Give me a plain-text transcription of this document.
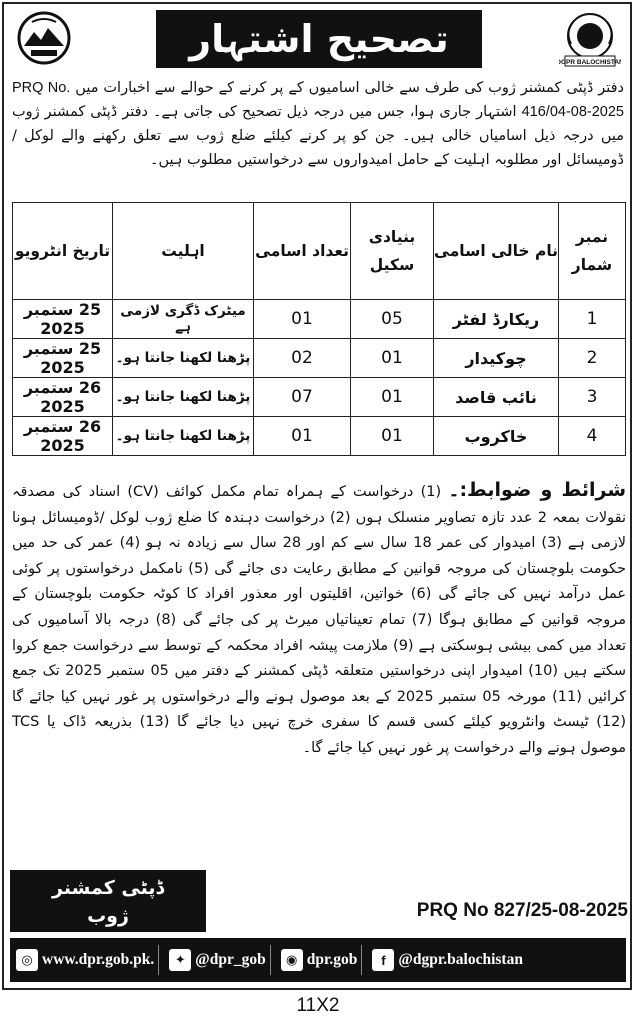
تصحیح اشتہار
DGPR BALOCHISTAN
دفتر ڈپٹی کمشنر ژوب کی طرف سے خالی اسامیوں کے پر کرنے کے حوالے سے اخبارات میں PRQ No. 416/04-08-2025 اشتہار جاری ہوا، جس میں درجہ ذیل تصحیح کی جاتی ہے۔ دفتر ڈپٹی کمشنر ژوب میں درجہ ذیل اسامیاں خالی ہیں۔ جن کو پر کرنے کیلئے ضلع ژوب سے تعلق رکھنے والے لوکل /ڈومیسائل اور مطلوبہ اہلیت کے حامل امیدواروں سے درخواستیں مطلوب ہیں۔
نمبر شمار	نام خالی اسامی	بنیادی سکیل	تعداد اسامی	اہلیت	تاریخ انٹرویو
1	ریکارڈ لفٹر	05	01	میٹرک ڈگری لازمی ہے	25 ستمبر 2025
2	چوکیدار	01	02	پڑھنا لکھنا جانتا ہو۔	25 ستمبر 2025
3	نائب قاصد	01	07	پڑھنا لکھنا جانتا ہو۔	26 ستمبر 2025
4	خاکروب	01	01	پڑھنا لکھنا جانتا ہو۔	26 ستمبر 2025
شرائط و ضوابط:۔ (1) درخواست کے ہمراہ تمام مکمل کوائف (CV) اسناد کی مصدقہ نقولات بمعہ 2 عدد تازہ تصاویر منسلک ہوں (2) درخواست دہندہ کا ضلع ژوب لوکل /ڈومیسائل ہونا لازمی ہے (3) امیدوار کی عمر 18 سال سے کم اور 28 سال سے زیادہ نہ ہو (4) عمر کی حد میں حکومت بلوچستان کی مروجہ قوانین کے مطابق رعایت دی جائے گی (5) نامکمل درخواستوں پر کوئی عمل درآمد نہیں کی جائے گی (6) خواتین، اقلیتوں اور معذور افراد کا کوٹہ حکومت بلوچستان کے مروجہ قوانین کے مطابق ہوگا (7) تمام تعیناتیاں میرٹ پر کی جائے گی (8) درجہ بالا آسامیوں کی تعداد میں کمی بیشی ہوسکتی ہے (9) ملازمت پیشہ افراد محکمہ کے توسط سے درخواست جمع کروا سکتے ہیں (10) امیدوار اپنی درخواستیں متعلقہ ڈپٹی کمشنر کے دفتر میں 05 ستمبر 2025 تک جمع کرائیں (11) مورخہ 05 ستمبر 2025 کے بعد موصول ہونے والے درخواستوں پر غور نہیں کیا جائے گا (12) ٹیسٹ وانٹرویو کیلئے کسی قسم کا سفری خرچ نہیں دیا جائے گا (13) بذریعہ ڈاک یا TCS موصول ہونے والے درخواست پر غور نہیں کیا جائے گا۔
ڈپٹی کمشنر
ژوب	PRQ No 827/25-08-2025
◎ www.dpr.gob.pk.	✦ @dpr_gob	◉ dpr.gob	f @dgpr.balochistan
11X2
